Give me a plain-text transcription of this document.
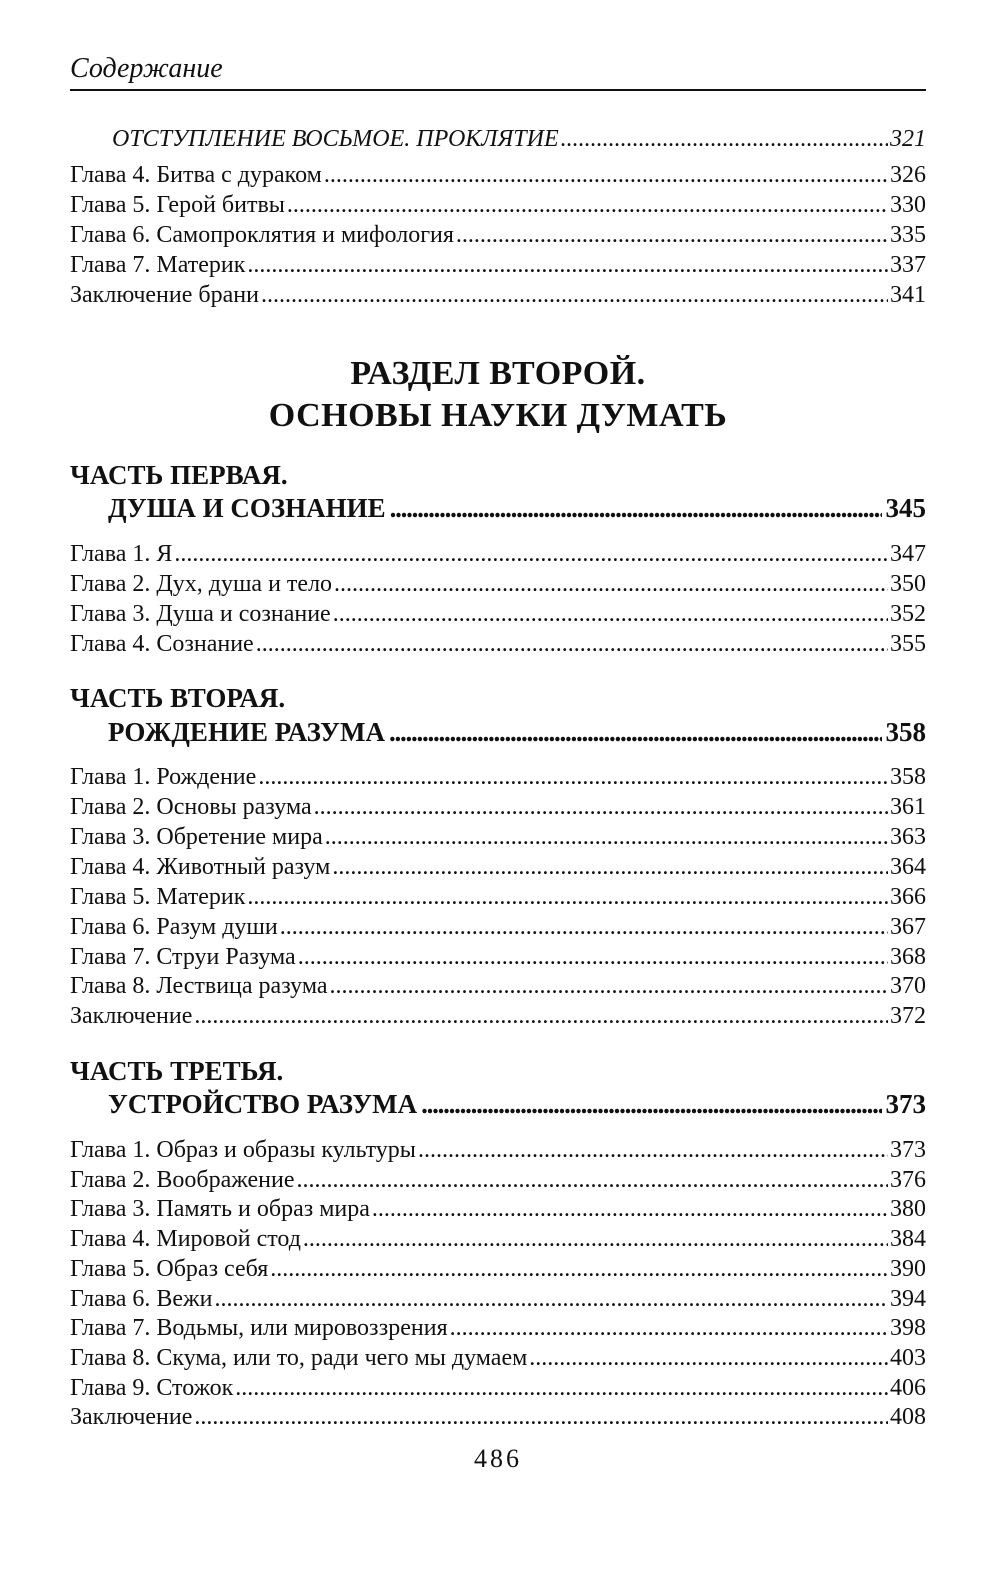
Содержание
ОТСТУПЛЕНИЕ ВОСЬМОЕ. ПРОКЛЯТИЕ . . .	321
Глава 4. Битва с дураком . . .	326
Глава 5. Герой битвы . . .	330
Глава 6. Самопроклятия и мифология . . .	335
Глава 7. Материк . . .	337
Заключение брани . . .	341
РАЗДЕЛ ВТОРОЙ.
ОСНОВЫ НАУКИ ДУМАТЬ
ЧАСТЬ ПЕРВАЯ.
ДУША И СОЗНАНИЕ . . .	345
Глава 1. Я . . .	347
Глава 2. Дух, душа и тело . . .	350
Глава 3. Душа и сознание . . .	352
Глава 4. Сознание . . .	355
ЧАСТЬ ВТОРАЯ.
РОЖДЕНИЕ РАЗУМА . . .	358
Глава 1. Рождение . . .	358
Глава 2. Основы разума . . .	361
Глава 3. Обретение мира . . .	363
Глава 4. Животный разум . . .	364
Глава 5. Материк . . .	366
Глава 6. Разум души . . .	367
Глава 7. Струи Разума . . .	368
Глава 8. Лествица разума . . .	370
Заключение . . .	372
ЧАСТЬ ТРЕТЬЯ.
УСТРОЙСТВО РАЗУМА . . .	373
Глава 1. Образ и образы культуры . . .	373
Глава 2. Воображение . . .	376
Глава 3. Память и образ мира . . .	380
Глава 4. Мировой стод . . .	384
Глава 5. Образ себя . . .	390
Глава 6. Вежи . . .	394
Глава 7. Водьмы, или мировоззрения . . .	398
Глава 8. Скума, или то, ради чего мы думаем . . .	403
Глава 9. Стожок . . .	406
Заключение . . .	408
486
